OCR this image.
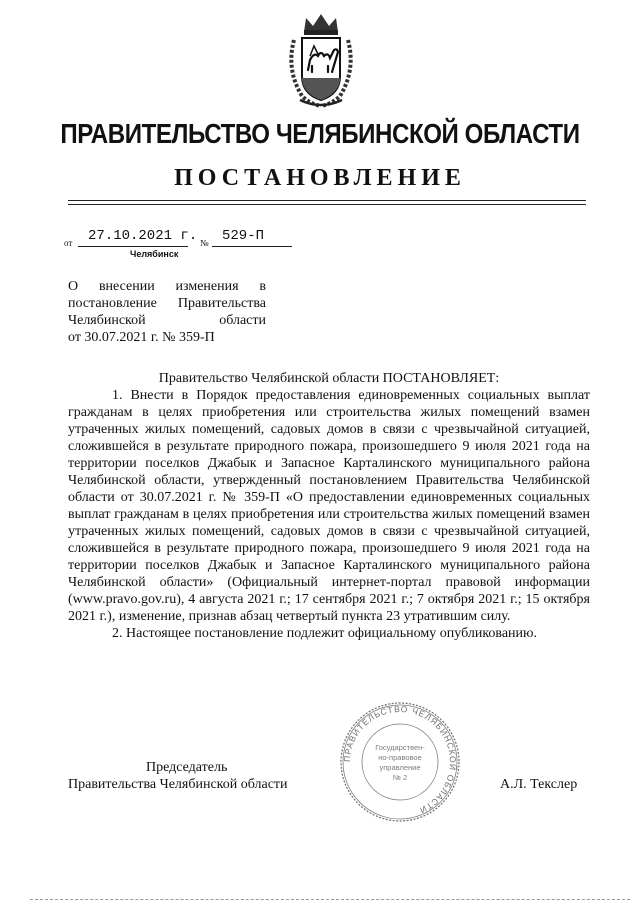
ПРАВИТЕЛЬСТВО ЧЕЛЯБИНСКОЙ ОБЛАСТИ
ПОСТАНОВЛЕНИЕ
от 27.10.2021 г. № 529-П
Челябинск
О внесении изменения в
постановление Правительства
Челябинской области
от 30.07.2021 г. № 359-П
Правительство Челябинской области ПОСТАНОВЛЯЕТ:
1. Внести в Порядок предоставления единовременных социальных выплат гражданам в целях приобретения или строительства жилых помещений взамен утраченных жилых помещений, садовых домов в связи с чрезвычайной ситуацией, сложившейся в результате природного пожара, произошедшего 9 июля 2021 года на территории поселков Джабык и Запасное Карталинского муниципального района Челябинской области, утвержденный постановлением Правительства Челябинской области от 30.07.2021 г. № 359-П «О предоставлении единовременных социальных выплат гражданам в целях приобретения или строительства жилых помещений взамен утраченных жилых помещений, садовых домов в связи с чрезвычайной ситуацией, сложившейся в результате природного пожара, произошедшего 9 июля 2021 года на территории поселков Джабык и Запасное Карталинского муниципального района Челябинской области» (Официальный интернет-портал правовой информации (www.pravo.gov.ru), 4 августа 2021 г.; 17 сентября 2021 г.; 7 октября 2021 г.; 15 октября 2021 г.), изменение, признав абзац четвертый пункта 23 утратившим силу.
2. Настоящее постановление подлежит официальному опубликованию.
ПРАВИТЕЛЬСТВО ЧЕЛЯБИНСКОЙ ОБЛАСТИ
Государствен-
но-правовое
управление
№ 2
Председатель
Правительства Челябинской области	А.Л. Текслер
